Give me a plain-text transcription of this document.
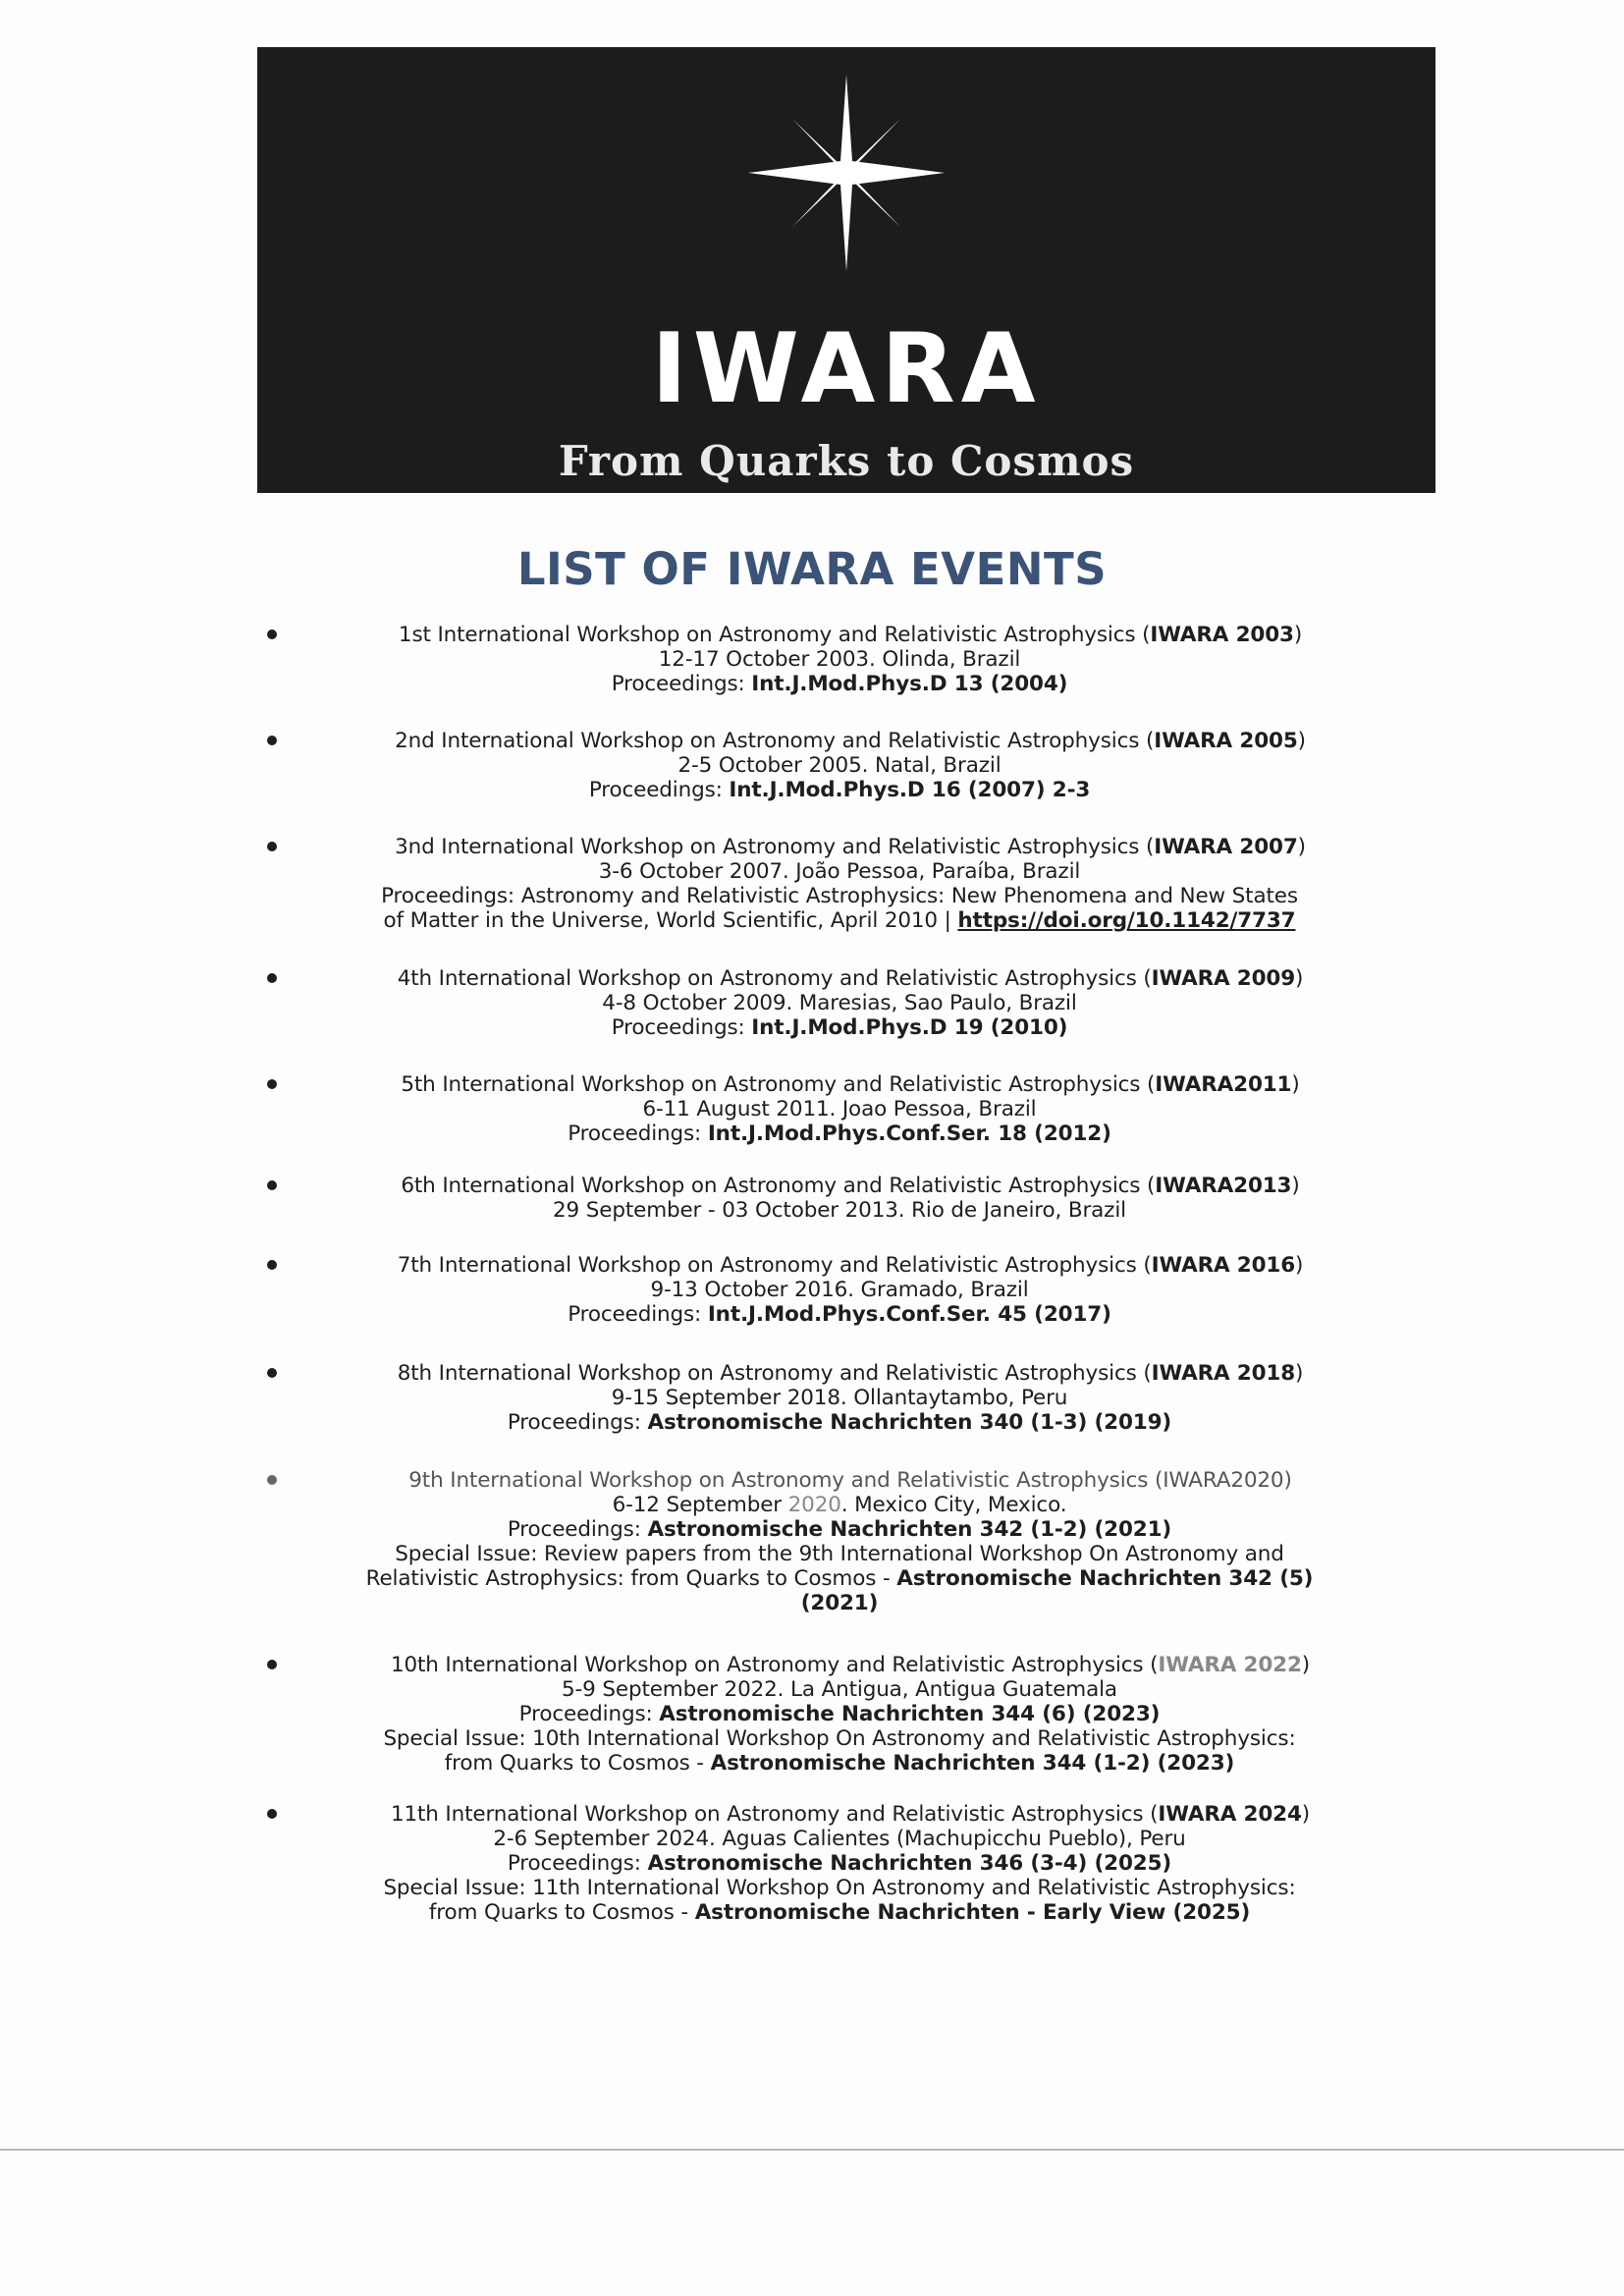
IWARA
From Quarks to Cosmos
LIST OF IWARA EVENTS
1st International Workshop on Astronomy and Relativistic Astrophysics (IWARA 2003)
12-17 October 2003. Olinda, Brazil
Proceedings: Int.J.Mod.Phys.D 13 (2004)
2nd International Workshop on Astronomy and Relativistic Astrophysics (IWARA 2005)
2-5 October 2005. Natal, Brazil
Proceedings: Int.J.Mod.Phys.D 16 (2007) 2-3
3nd International Workshop on Astronomy and Relativistic Astrophysics (IWARA 2007)
3-6 October 2007. João Pessoa, Paraíba, Brazil
Proceedings: Astronomy and Relativistic Astrophysics: New Phenomena and New States
of Matter in the Universe, World Scientific, April 2010 | https://doi.org/10.1142/7737
4th International Workshop on Astronomy and Relativistic Astrophysics (IWARA 2009)
4-8 October 2009. Maresias, Sao Paulo, Brazil
Proceedings: Int.J.Mod.Phys.D 19 (2010)
5th International Workshop on Astronomy and Relativistic Astrophysics (IWARA2011)
6-11 August 2011. Joao Pessoa, Brazil
Proceedings: Int.J.Mod.Phys.Conf.Ser. 18 (2012)
6th International Workshop on Astronomy and Relativistic Astrophysics (IWARA2013)
29 September - 03 October 2013. Rio de Janeiro, Brazil
7th International Workshop on Astronomy and Relativistic Astrophysics (IWARA 2016)
9-13 October 2016. Gramado, Brazil
Proceedings: Int.J.Mod.Phys.Conf.Ser. 45 (2017)
8th International Workshop on Astronomy and Relativistic Astrophysics (IWARA 2018)
9-15 September 2018. Ollantaytambo, Peru
Proceedings: Astronomische Nachrichten 340 (1-3) (2019)
9th International Workshop on Astronomy and Relativistic Astrophysics (IWARA2020)
6-12 September 2020. Mexico City, Mexico.
Proceedings: Astronomische Nachrichten 342 (1-2) (2021)
Special Issue: Review papers from the 9th International Workshop On Astronomy and
Relativistic Astrophysics: from Quarks to Cosmos - Astronomische Nachrichten 342 (5)
(2021)
10th International Workshop on Astronomy and Relativistic Astrophysics (IWARA 2022)
5-9 September 2022. La Antigua, Antigua Guatemala
Proceedings: Astronomische Nachrichten 344 (6) (2023)
Special Issue: 10th International Workshop On Astronomy and Relativistic Astrophysics:
from Quarks to Cosmos - Astronomische Nachrichten 344 (1-2) (2023)
11th International Workshop on Astronomy and Relativistic Astrophysics (IWARA 2024)
2-6 September 2024. Aguas Calientes (Machupicchu Pueblo), Peru
Proceedings: Astronomische Nachrichten 346 (3-4) (2025)
Special Issue: 11th International Workshop On Astronomy and Relativistic Astrophysics:
from Quarks to Cosmos - Astronomische Nachrichten - Early View (2025)
